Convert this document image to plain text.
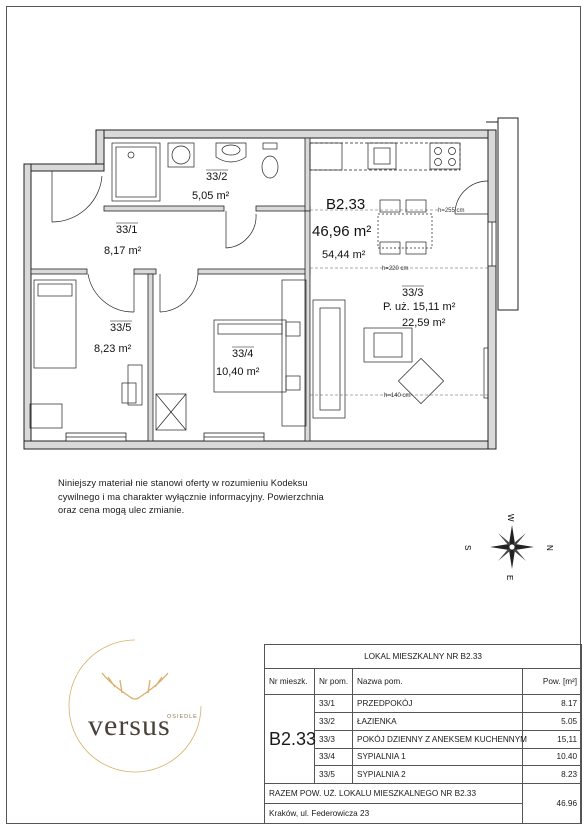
33/1
8,17 m²
33/2
5,05 m²	B2.33
46,96 m²
54,44 m²
33/3
P. uż. 15,11 m²
22,59 m²
33/4
10,40 m²
33/5
8,23 m²
h=255 cm
h=220 cm
h=140 cm
Niniejszy materiał nie stanowi oferty w rozumieniu Kodeksu
cywilnego i ma charakter wyłącznie informacyjny. Powierzchnia
oraz cena mogą ulec zmianie.
W
E
S	N
OSIEDLE
versus
LOKAL MIESZKALNY NR B2.33			
Nr mieszk.	Nr pom.	Nazwa pom.	Pow. [m²]
B2.33	33/1	PRZEDPOKÓJ	8.17
	33/2	ŁAZIENKA	5.05
	33/3	POKÓJ DZIENNY Z ANEKSEM KUCHENNYM	15,11
	33/4	SYPIALNIA 1	10.40
	33/5	SYPIALNIA 2	8.23
RAZEM POW. UŻ. LOKALU MIESZKALNEGO NR B2.33			46.96
Kraków, ul. Federowicza 23			
